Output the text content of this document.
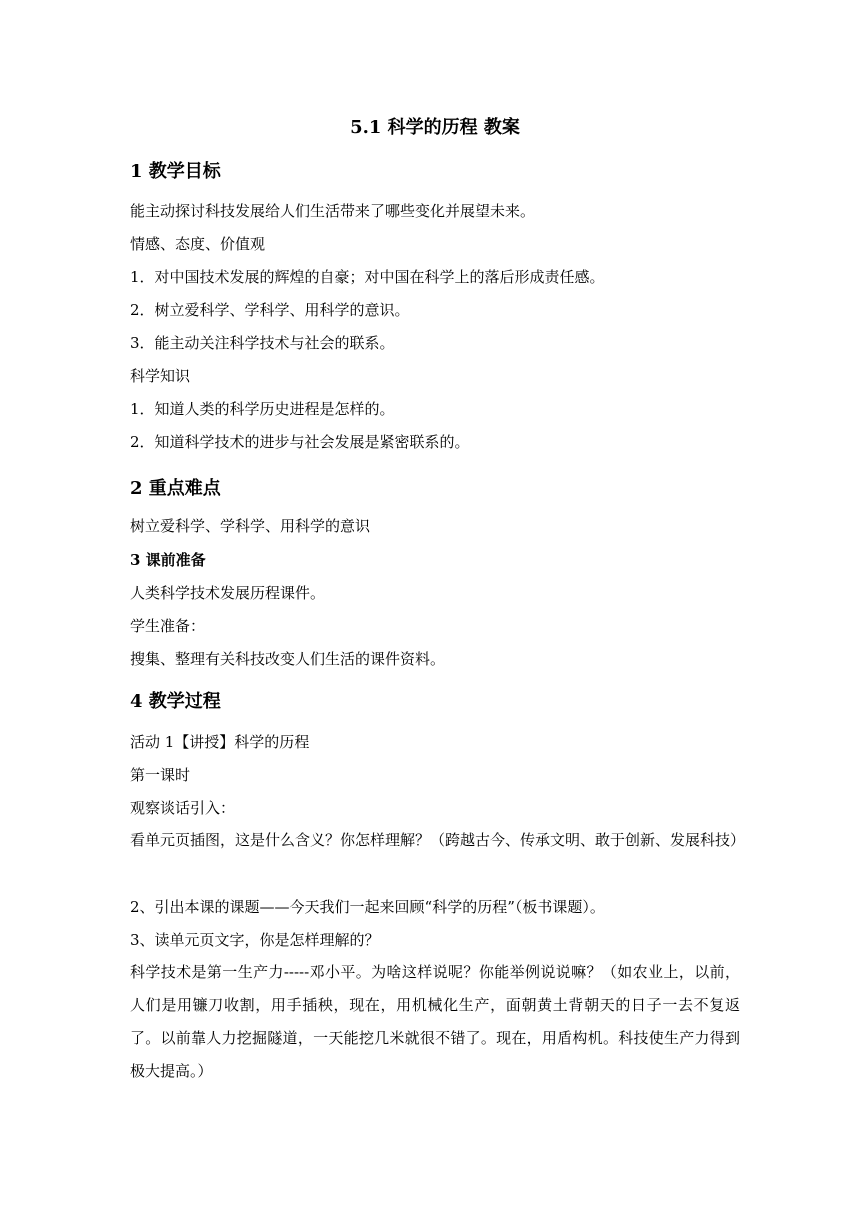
5.1 科学的历程 教案
1 教学目标

能主动探讨科技发展给人们生活带来了哪些变化并展望未来。

情感、态度、价值观

1．对中国技术发展的辉煌的自豪；对中国在科学上的落后形成责任感。

2．树立爱科学、学科学、用科学的意识。

3．能主动关注科学技术与社会的联系。

科学知识

1．知道人类的科学历史进程是怎样的。

2．知道科学技术的进步与社会发展是紧密联系的。

2 重点难点

树立爱科学、学科学、用科学的意识

3 课前准备

人类科学技术发展历程课件。

学生准备：

搜集、整理有关科技改变人们生活的课件资料。

4 教学过程

活动 1【讲授】科学的历程

第一课时

观察谈话引入：

看单元页插图，这是什么含义？你怎样理解？（跨越古今、传承文明、敢于创新、发展科技）

2、引出本课的课题——今天我们一起来回顾“科学的历程”（板书课题）。

3、读单元页文字，你是怎样理解的？

科学技术是第一生产力-----邓小平。为啥这样说呢？你能举例说说嘛？（如农业上，以前，人们是用镰刀收割，用手插秧，现在，用机械化生产，面朝黄土背朝天的日子一去不复返了。以前靠人力挖掘隧道，一天能挖几米就很不错了。现在，用盾构机。科技使生产力得到极大提高。）
